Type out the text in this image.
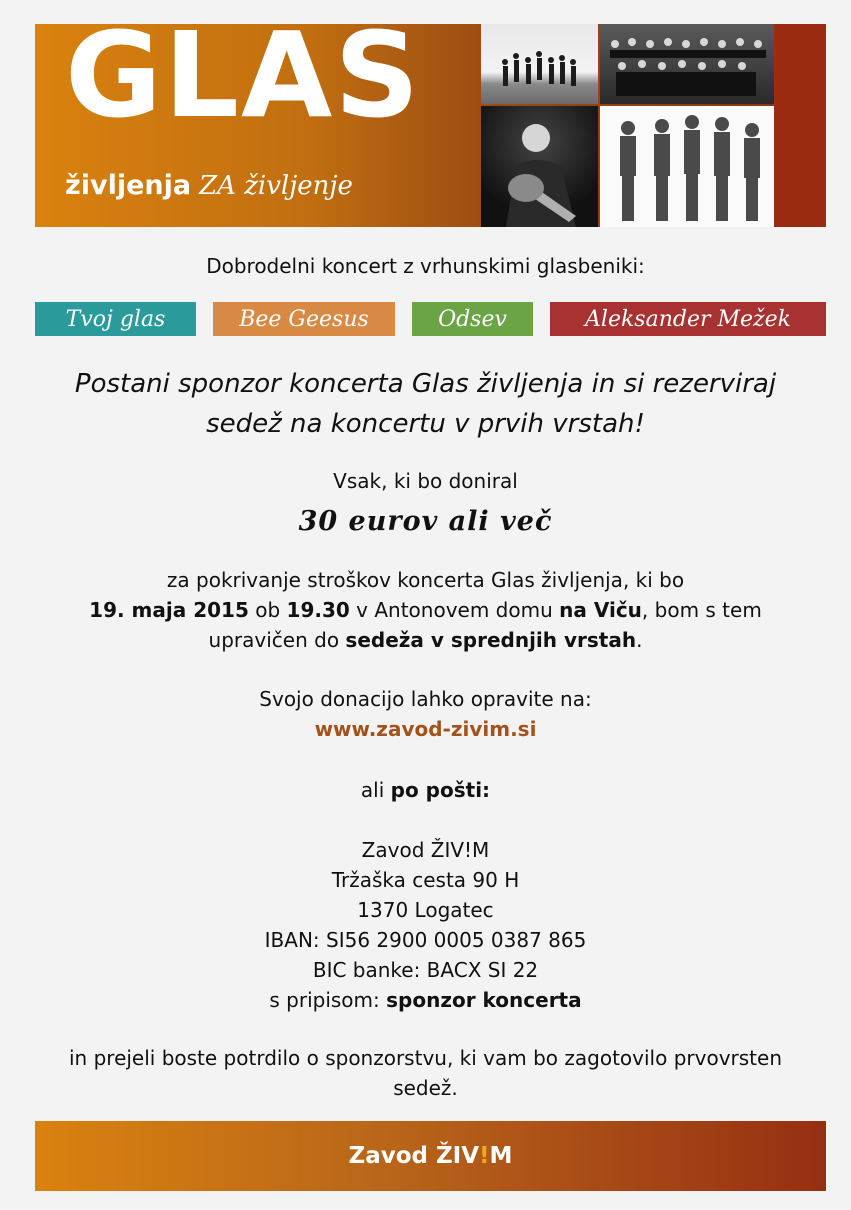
GLAS
življenja ZA življenje
Dobrodelni koncert z vrhunskimi glasbeniki:
Tvoj glas	Bee Geesus	Odsev	Aleksander Mežek
Postani sponzor koncerta Glas življenja in si rezerviraj
sedež na koncertu v prvih vrstah!
Vsak, ki bo doniral
30 eurov ali več
za pokrivanje stroškov koncerta Glas življenja, ki bo
19. maja 2015 ob 19.30 v Antonovem domu na Viču, bom s tem
upravičen do sedeža v sprednjih vrstah.
Svojo donacijo lahko opravite na:
www.zavod-zivim.si
ali po pošti:
Zavod ŽIV!M
Tržaška cesta 90 H
1370 Logatec
IBAN: SI56 2900 0005 0387 865
BIC banke: BACX SI 22
s pripisom: sponzor koncerta
in prejeli boste potrdilo o sponzorstvu, ki vam bo zagotovilo prvovrsten
sedež.
Zavod ŽIV!M
